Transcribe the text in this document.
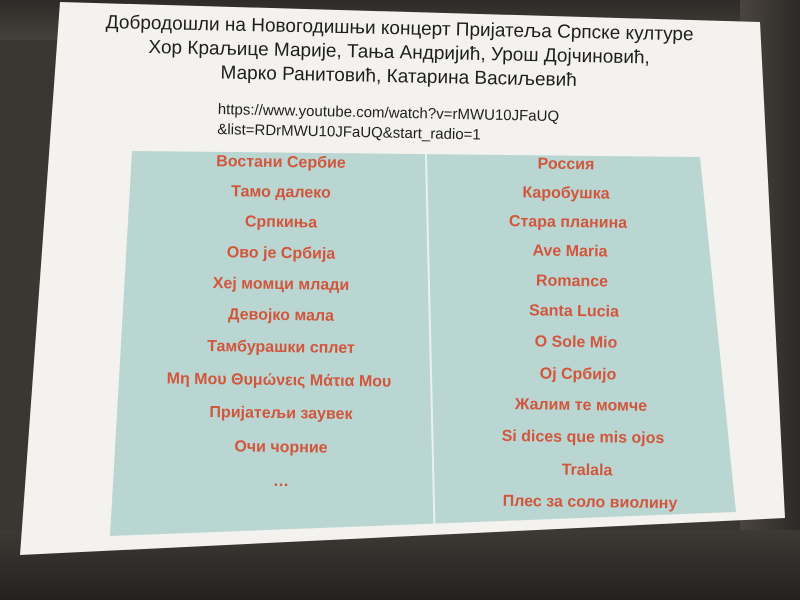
Добродошли на Новогодишњи концерт Пријатеља Српске културе
Хор Краљице Марије, Тања Андријић, Урош Дојчиновић,
Марко Ранитовић, Катарина Васиљевић
https://www.youtube.com/watch?v=rMWU10JFaUQ
&list=RDrMWU10JFaUQ&start_radio=1
Востани Сербие
Тамо далеко
Српкиња
Ово је Србија
Хеј момци млади
Девојко мала
Тамбурашки сплет
Μη Μου Θυμώνεις Μάτια Μου
Пријатељи заувек
Очи чорние
…
Россия
Каробушка
Стара планина
Ave Maria
Romance
Santa Lucia
O Sole Mio
Ој Србијо
Жалим те момче
Si dices que mis ojos
Tralala
Плес за соло виолину
